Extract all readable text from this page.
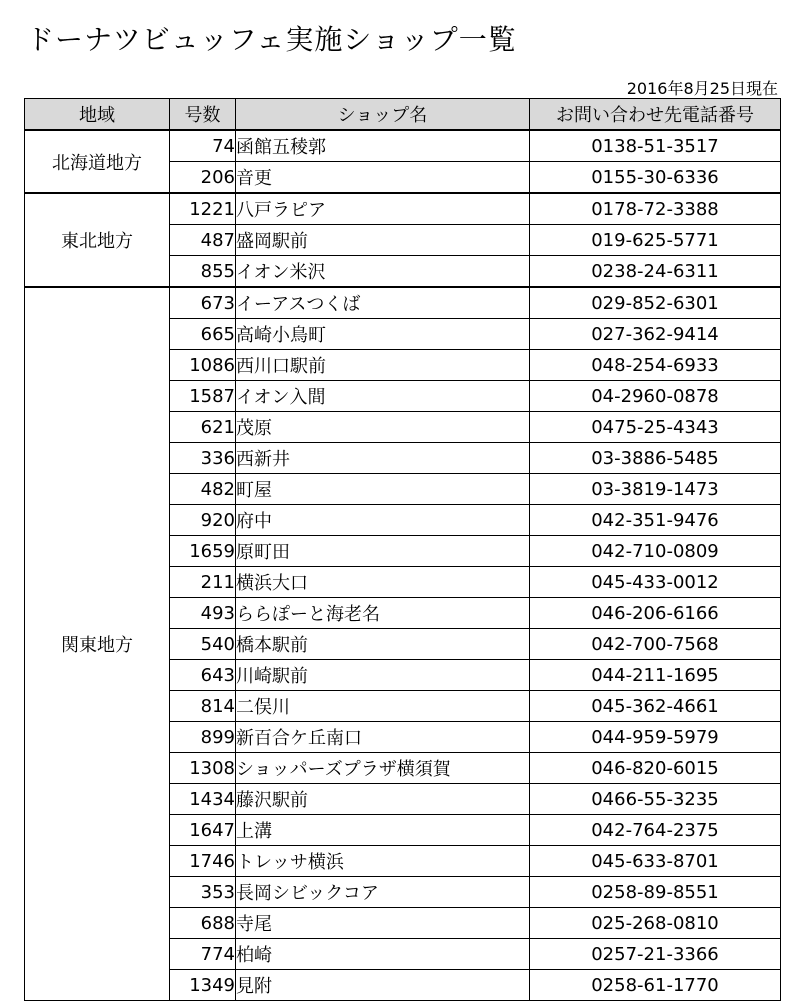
ドーナツビュッフェ実施ショップ一覧
2016年8月25日現在
地域	号数	ショップ名	お問い合わせ先電話番号
北海道地方	74	函館五稜郭	0138-51-3517
	206	音更	0155-30-6336
東北地方	1221	八戸ラピア	0178-72-3388
	487	盛岡駅前	019-625-5771
	855	イオン米沢	0238-24-6311
関東地方	673	イーアスつくば	029-852-6301
	665	高崎小鳥町	027-362-9414
	1086	西川口駅前	048-254-6933
	1587	イオン入間	04-2960-0878
	621	茂原	0475-25-4343
	336	西新井	03-3886-5485
	482	町屋	03-3819-1473
	920	府中	042-351-9476
	1659	原町田	042-710-0809
	211	横浜大口	045-433-0012
	493	ららぽーと海老名	046-206-6166
	540	橋本駅前	042-700-7568
	643	川崎駅前	044-211-1695
	814	二俣川	045-362-4661
	899	新百合ケ丘南口	044-959-5979
	1308	ショッパーズプラザ横須賀	046-820-6015
	1434	藤沢駅前	0466-55-3235
	1647	上溝	042-764-2375
	1746	トレッサ横浜	045-633-8701
	353	長岡シビックコア	0258-89-8551
	688	寺尾	025-268-0810
	774	柏崎	0257-21-3366
	1349	見附	0258-61-1770
